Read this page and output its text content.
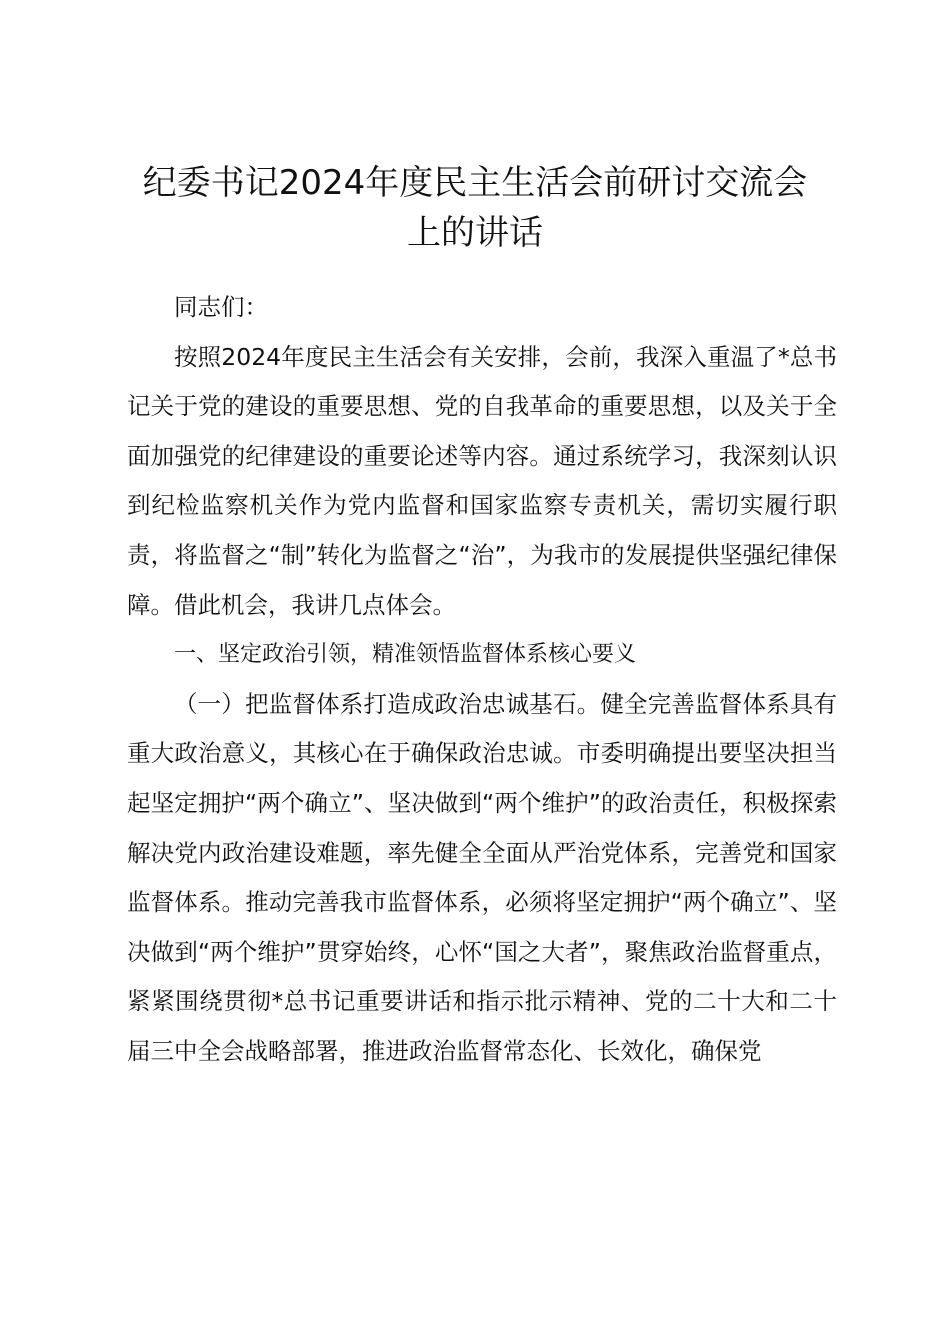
纪委书记2024年度民主生活会前研讨交流会
上的讲话

同志们：

按照2024年度民主生活会有关安排，会前，我深入重温了*总书记关于党的建设的重要思想、党的自我革命的重要思想，以及关于全面加强党的纪律建设的重要论述等内容。通过系统学习，我深刻认识到纪检监察机关作为党内监督和国家监察专责机关，需切实履行职责，将监督之“制”转化为监督之“治”，为我市的发展提供坚强纪律保障。借此机会，我讲几点体会。

一、坚定政治引领，精准领悟监督体系核心要义

（一）把监督体系打造成政治忠诚基石。健全完善监督体系具有重大政治意义，其核心在于确保政治忠诚。市委明确提出要坚决担当起坚定拥护“两个确立”、坚决做到“两个维护”的政治责任，积极探索解决党内政治建设难题，率先健全全面从严治党体系，完善党和国家监督体系。推动完善我市监督体系，必须将坚定拥护“两个确立”、坚决做到“两个维护”贯穿始终，心怀“国之大者”，聚焦政治监督重点，紧紧围绕贯彻*总书记重要讲话和指示批示精神、党的二十大和二十届三中全会战略部署，推进政治监督常态化、长效化，确保党
